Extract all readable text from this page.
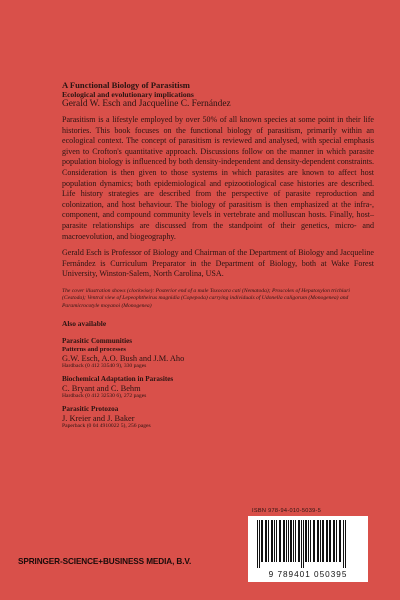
A Functional Biology of Parasitism
Ecological and evolutionary implications
Gerald W. Esch and Jacqueline C. Fernández

Parasitism is a lifestyle employed by over 50% of all known species at some point in their life histories. This book focuses on the functional biology of parasitism, primarily within an ecological context. The concept of parasitism is reviewed and analysed, with special emphasis given to Crofton's quantitative approach. Discussions follow on the manner in which parasite population biology is influenced by both density-independent and density-dependent constraints. Consideration is then given to those systems in which parasites are known to affect host population dynamics; both epidemiological and epizootiological case histories are described. Life history strategies are described from the perspective of parasite reproduction and colonization, and host behaviour. The biology of parasitism is then emphasized at the infra-, component, and compound community levels in vertebrate and molluscan hosts. Finally, host–parasite relationships are discussed from the standpoint of their genetics, micro- and macroevolution, and biogeography.

Gerald Esch is Professor of Biology and Chairman of the Department of Biology and Jacqueline Fernández is Curriculum Preparator in the Department of Biology, both at Wake Forest University, Winston-Salem, North Carolina, USA.

The cover illustration shows (clockwise): Posterior end of a male Toxocara cati (Nematoda); Proscolex of Hepatoxylon trichiuri (Cestoda); Ventral view of Lepeophtheirus magnidia (Copepoda) carrying individuals of Udonella caligorum (Monogenea) and Paramicrocotyle moyanoi (Monogenea)

Also available
Parasitic Communities
Patterns and processes
G.W. Esch, A.O. Bush and J.M. Aho
Hardback (0 412 33540 9), 330 pages
Biochemical Adaptation in Parasites
C. Bryant and C. Behm
Hardback (0 412 32530 6), 272 pages
Parasitic Protozoa
J. Kreier and J. Baker
Paperback (0 04 4910022 5), 256 pages
ISBN 978-94-010-5039-5
9 789401 050395
SPRINGER-SCIENCE+BUSINESS MEDIA, B.V.
